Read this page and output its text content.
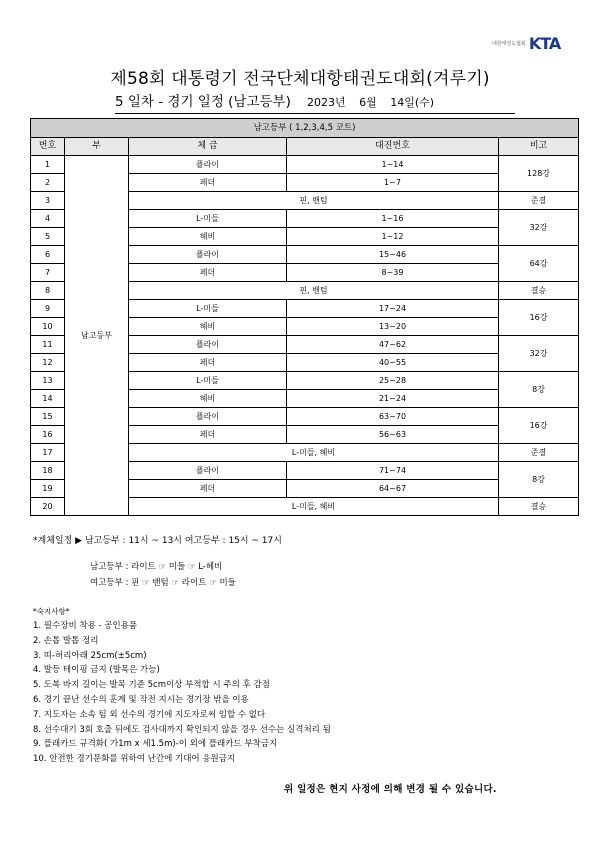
대한태권도협회 KTA
제58회 대통령기 전국단체대항태권도대회(겨루기)
5 일차 - 경기 일정 (남고등부) 2023년 6월 14일(수)
남고등부 ( 1,2,3,4,5 코트)				
번호	부	체 급	대진번호	비고
1	남고등부	플라이	1~14	128강
2		페더	1~7	
3		핀, 밴텀		준결
4		L-미들	1~16	32강
5		헤비	1~12	
6		플라이	15~46	64강
7		페더	8~39	
8		핀, 밴텀		결승
9		L-미들	17~24	16강
10		헤비	13~20	
11		플라이	47~62	32강
12		페더	40~55	
13		L-미들	25~28	8강
14		헤비	21~24	
15		플라이	63~70	16강
16		페더	56~63	
17		L-미들, 헤비		준결
18		플라이	71~74	8강
19		페더	64~67	
20		L-미들, 헤비		결승
*계체일정 ▶ 남고등부 : 11시 ~ 13시 여고등부 : 15시 ~ 17시
남고등부 : 라이트 ☞ 미들 ☞ L-헤비
여고등부 : 핀 ☞ 밴텀 ☞ 라이트 ☞ 미들
*숙지사항*
1. 필수장비 착용 - 공인용품
2. 손톱 발톱 정리
3. 띠-허리아래 25cm(±5cm)
4. 발등 테이핑 금지 (발목은 가능)
5. 도복 바지 길이는 발목 기준 5cm이상 부적합 시 주의 후 감점
6. 경기 끝난 선수의 훈계 및 작전 지시는 경기장 밖을 이용
7. 지도자는 소속 팀 외 선수의 경기에 지도자로써 임할 수 없다
8. 선수대기 3회 호출 뒤에도 검사대까지 확인되지 않을 경우 선수는 실격처리 됨
9. 플래카드 규격화( 가1m x 세1.5m)-이 외에 플래카드 부착금지
10. 안전한 경기문화를 위하여 난간에 기대어 응원금지
위 일정은 현지 사정에 의해 변경 될 수 있습니다.
